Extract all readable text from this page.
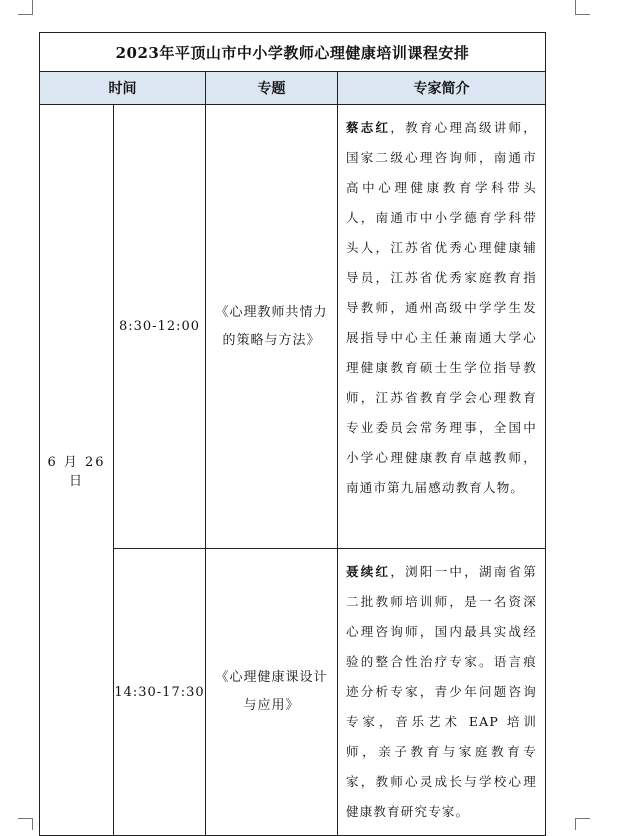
2023年平顶山市中小学教师心理健康培训课程安排			
时间		专题	专家简介
6 月 26 日	8:30-12:00	《心理教师共情力的策略与方法》	蔡志红，教育心理高级讲师，国家二级心理咨询师，南通市高中心理健康教育学科带头人，南通市中小学德育学科带头人，江苏省优秀心理健康辅导员，江苏省优秀家庭教育指导教师，通州高级中学学生发展指导中心主任兼南通大学心理健康教育硕士生学位指导教师，江苏省教育学会心理教育专业委员会常务理事，全国中小学心理健康教育卓越教师，南通市第九届感动教育人物。
	14:30-17:30	《心理健康课设计与应用》	聂续红，浏阳一中，湖南省第二批教师培训师，是一名资深心理咨询师，国内最具实战经验的整合性治疗专家。语言痕迹分析专家，青少年问题咨询专家，音乐艺术 EAP 培训师，亲子教育与家庭教育专家，教师心灵成长与学校心理健康教育研究专家。
